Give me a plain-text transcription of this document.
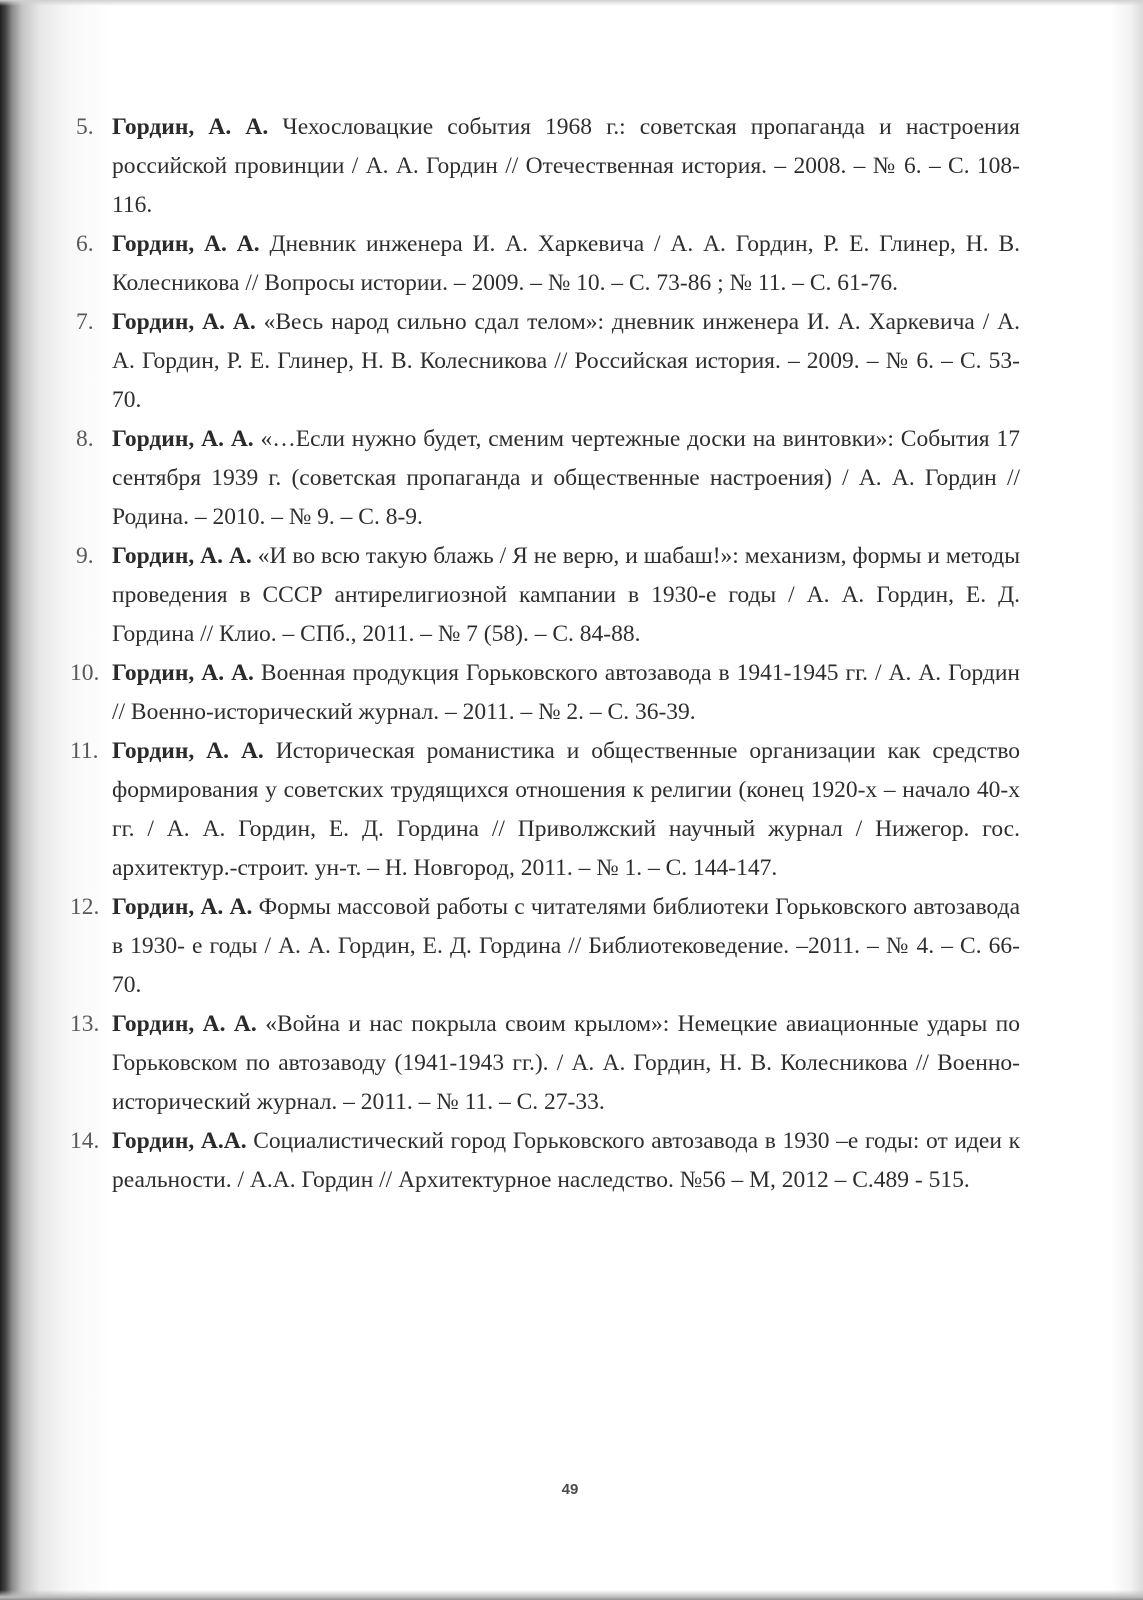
5. Гордин, А. А. Чехословацкие события 1968 г.: советская пропаганда и настроения российской провинции / А. А. Гордин // Отечественная история. – 2008. – № 6. – С. 108-116.
6. Гордин, А. А. Дневник инженера И. А. Харкевича / А. А. Гордин, Р. Е. Глинер, Н. В. Колесникова // Вопросы истории. – 2009. – № 10. – С. 73-86 ; № 11. – С. 61-76.
7. Гордин, А. А. «Весь народ сильно сдал телом»: дневник инженера И. А. Харкевича / А. А. Гордин, Р. Е. Глинер, Н. В. Колесникова // Российская история. – 2009. – № 6. – С. 53-70.
8. Гордин, А. А. «…Если нужно будет, сменим чертежные доски на винтовки»: События 17 сентября 1939 г. (советская пропаганда и общественные настроения) / А. А. Гордин // Родина. – 2010. – № 9. – С. 8-9.
9. Гордин, А. А. «И во всю такую блажь / Я не верю, и шабаш!»: механизм, формы и методы проведения в СССР антирелигиозной кампании в 1930-е годы / А. А. Гордин, Е. Д. Гордина // Клио. – СПб., 2011. – № 7 (58). – С. 84-88.
10. Гордин, А. А. Военная продукция Горьковского автозавода в 1941-1945 гг. / А. А. Гордин // Военно-исторический журнал. – 2011. – № 2. – С. 36-39.
11. Гордин, А. А. Историческая романистика и общественные организации как средство формирования у советских трудящихся отношения к религии (конец 1920-х – начало 40-х гг. / А. А. Гордин, Е. Д. Гордина // Приволжский научный журнал / Нижегор. гос. архитектур.-строит. ун-т. – Н. Новгород, 2011. – № 1. – С. 144-147.
12. Гордин, А. А. Формы массовой работы с читателями библиотеки Горьковского автозавода в 1930- е годы / А. А. Гордин, Е. Д. Гордина // Библиотековедение. –2011. – № 4. – С. 66-70.
13. Гордин, А. А. «Война и нас покрыла своим крылом»: Немецкие авиационные удары по Горьковском по автозаводу (1941-1943 гг.). / А. А. Гордин, Н. В. Колесникова // Военно-исторический журнал. – 2011. – № 11. – С. 27-33.
14. Гордин, А.А. Социалистический город Горьковского автозавода в 1930 –е годы: от идеи к реальности. / А.А. Гордин // Архитектурное наследство. №56 – М, 2012 – С.489 - 515.
49
